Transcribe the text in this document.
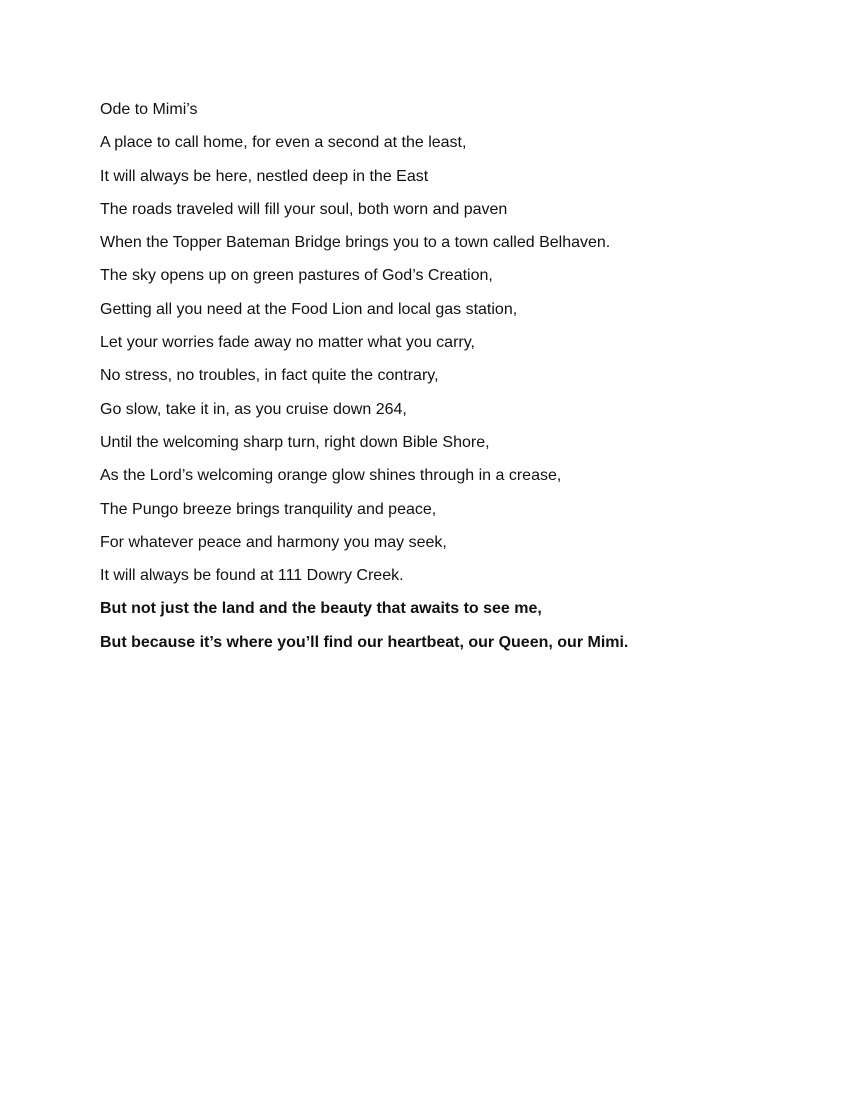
Ode to Mimi’s
A place to call home, for even a second at the least,
It will always be here, nestled deep in the East
The roads traveled will fill your soul, both worn and paven
When the Topper Bateman Bridge brings you to a town called Belhaven.
The sky opens up on green pastures of God’s Creation,
Getting all you need at the Food Lion and local gas station,
Let your worries fade away no matter what you carry,
No stress, no troubles, in fact quite the contrary,
Go slow, take it in, as you cruise down 264,
Until the welcoming sharp turn, right down Bible Shore,
As the Lord’s welcoming orange glow shines through in a crease,
The Pungo breeze brings tranquility and peace,
For whatever peace and harmony you may seek,
It will always be found at 111 Dowry Creek.
But not just the land and the beauty that awaits to see me,
But because it’s where you’ll find our heartbeat, our Queen, our Mimi.
